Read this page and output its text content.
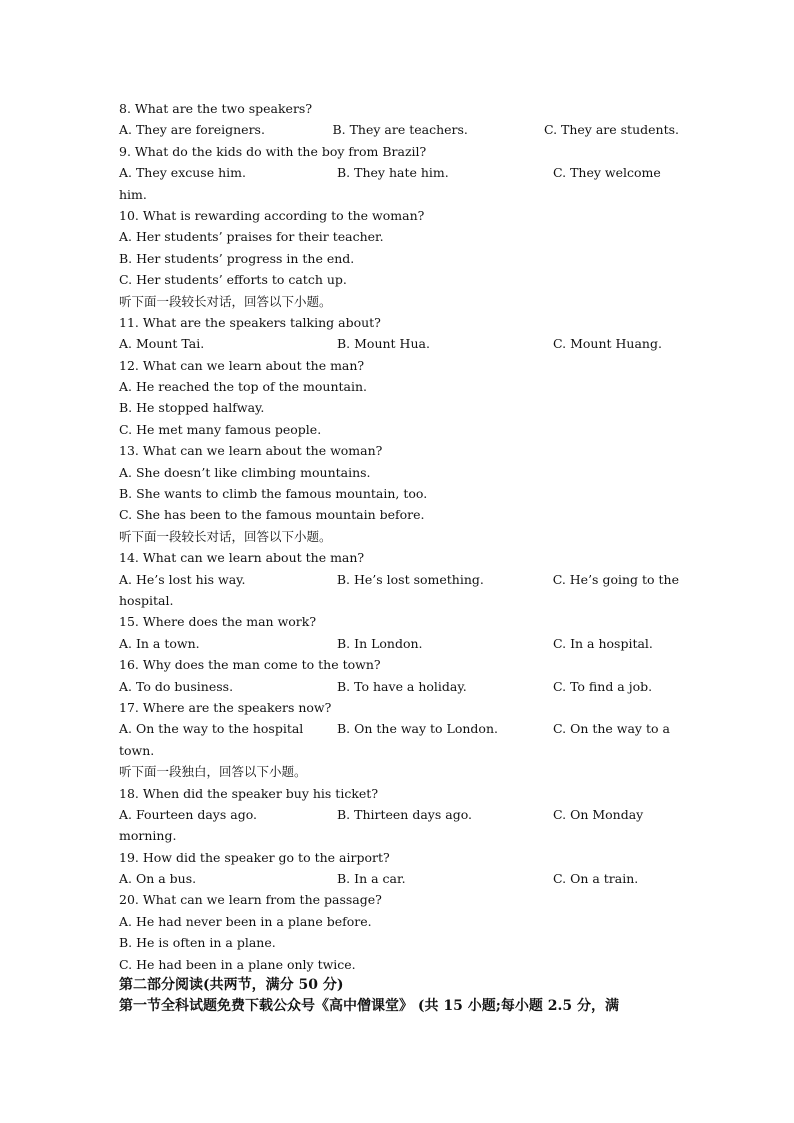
8. What are the two speakers?
A. They are foreigners.	B. They are teachers.	C. They are students.
9. What do the kids do with the boy from Brazil?
A. They excuse him.	B. They hate him.	C. They welcome
him.
10. What is rewarding according to the woman?
A. Her students’ praises for their teacher.
B. Her students’ progress in the end.
C. Her students’ efforts to catch up.
听下面一段较长对话，回答以下小题。
11. What are the speakers talking about?
A. Mount Tai.	B. Mount Hua.	C. Mount Huang.
12. What can we learn about the man?
A. He reached the top of the mountain.
B. He stopped halfway.
C. He met many famous people.
13. What can we learn about the woman?
A. She doesn’t like climbing mountains.
B. She wants to climb the famous mountain, too.
C. She has been to the famous mountain before.
听下面一段较长对话，回答以下小题。
14. What can we learn about the man?
A. He’s lost his way.	B. He’s lost something.	C. He’s going to the
hospital.
15. Where does the man work?
A. In a town.	B. In London.	C. In a hospital.
16. Why does the man come to the town?
A. To do business.	B. To have a holiday.	C. To find a job.
17. Where are the speakers now?
A. On the way to the hospital	B. On the way to London.	C. On the way to a
town.
听下面一段独白，回答以下小题。
18. When did the speaker buy his ticket?
A. Fourteen days ago.	B. Thirteen days ago.	C. On Monday
morning.
19. How did the speaker go to the airport?
A. On a bus.	B. In a car.	C. On a train.
20. What can we learn from the passage?
A. He had never been in a plane before.
B. He is often in a plane.
C. He had been in a plane only twice.
第二部分阅读(共两节，满分 50 分)
第一节全科试题免费下载公众号《高中僧课堂》 (共 15 小题;每小题 2.5 分，满
